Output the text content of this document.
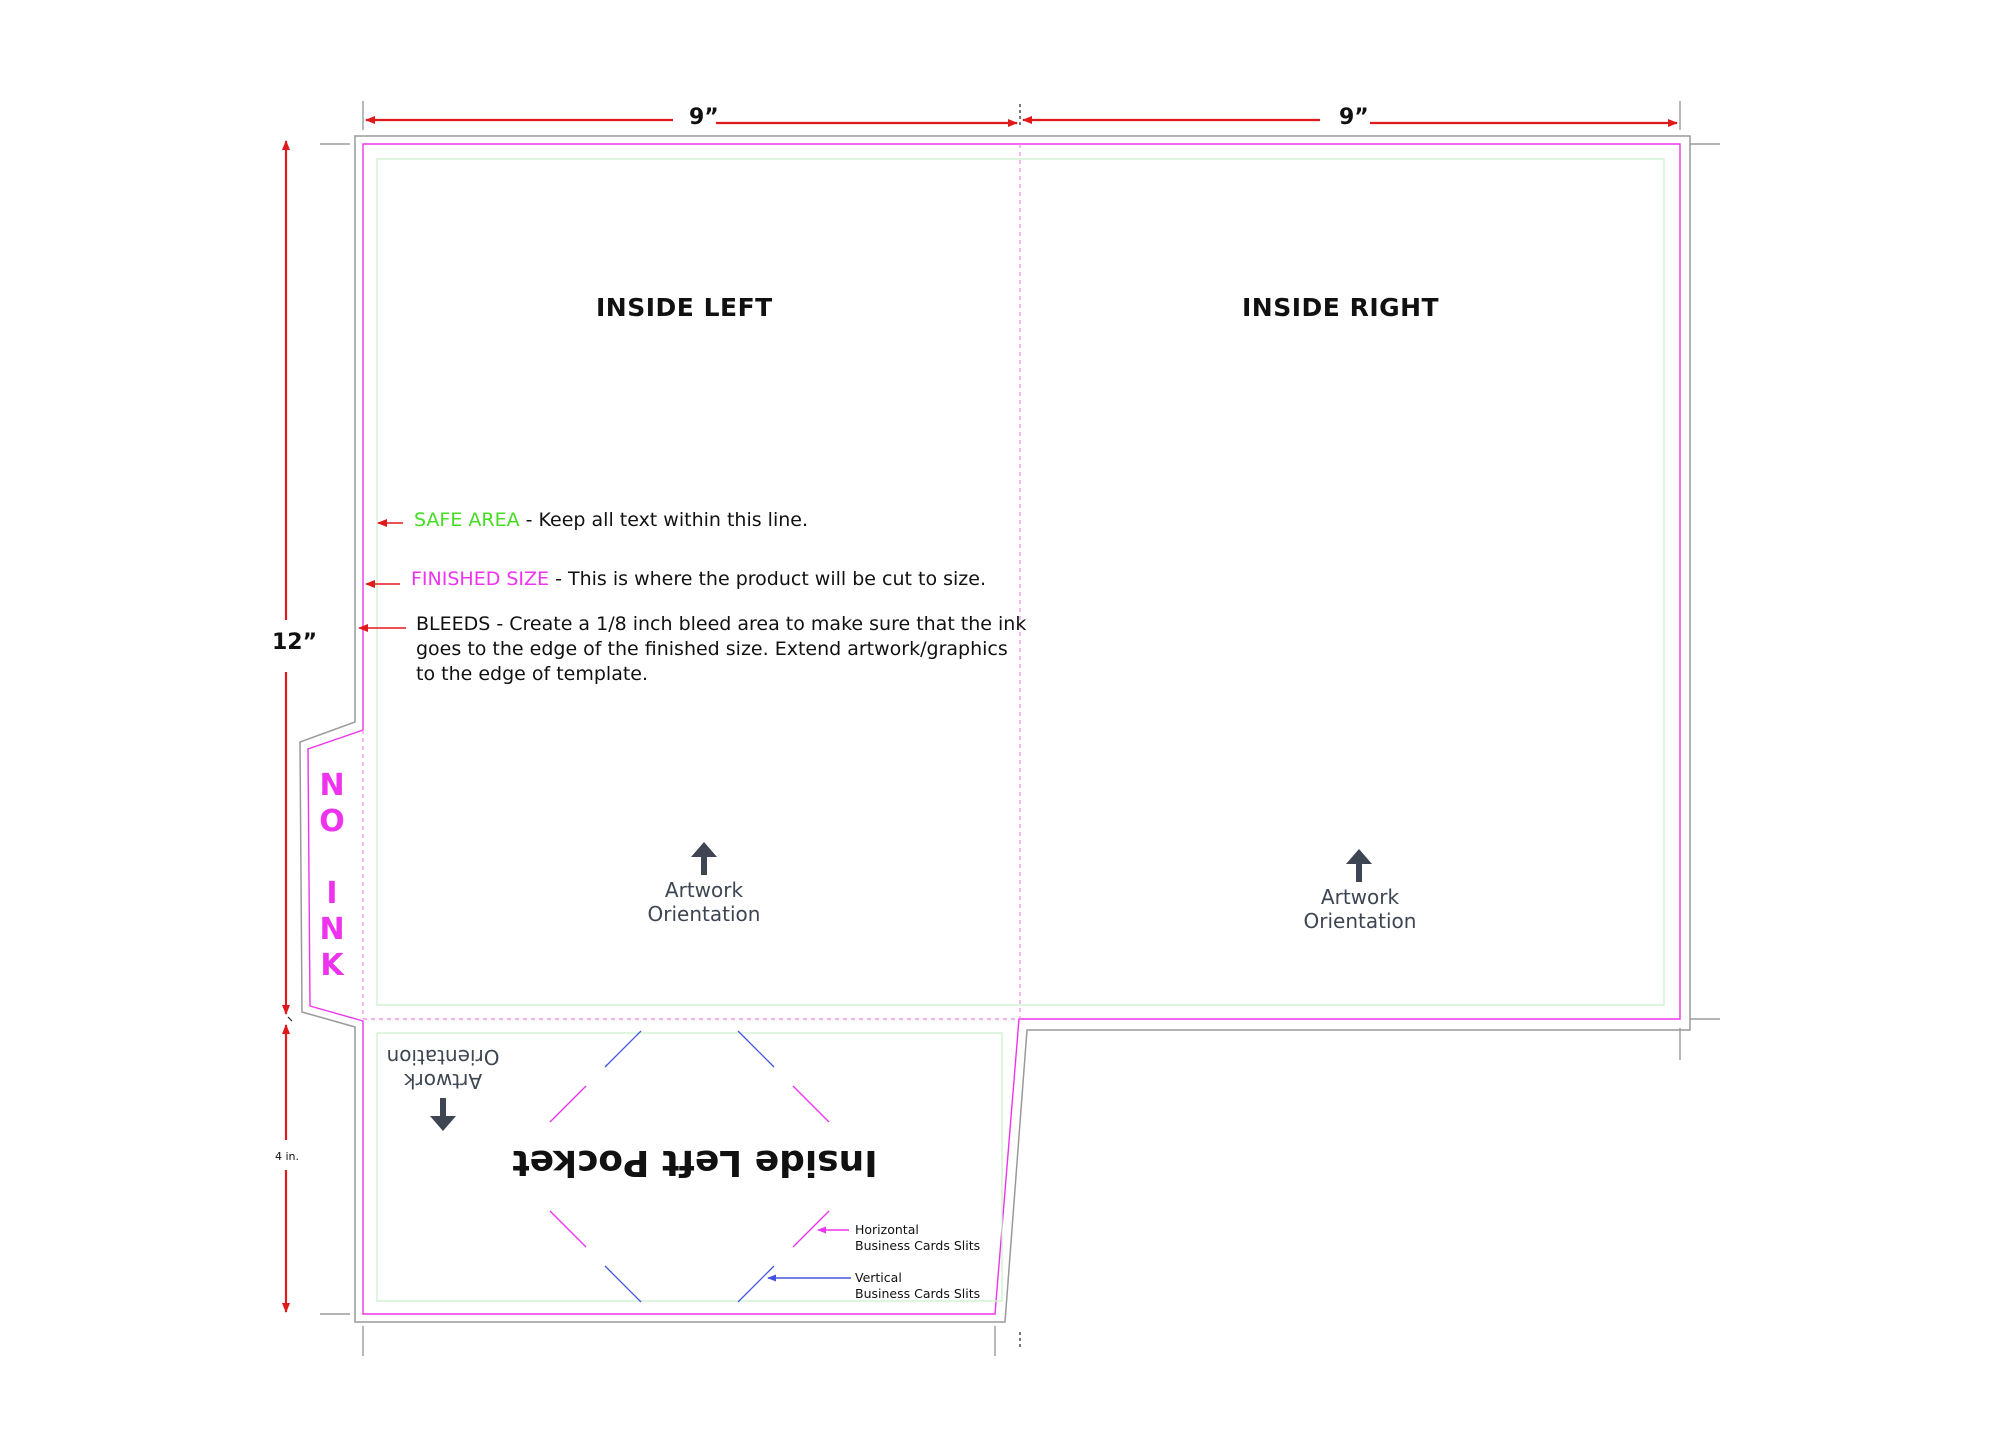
INSIDE LEFT	INSIDE RIGHT
9”	9”
12”
4 in.
SAFE AREA - Keep all text within this line.
FINISHED SIZE - This is where the product will be cut to size.
BLEEDS - Create a 1/8 inch bleed area to make sure that the ink
goes to the edge of the finished size. Extend artwork/graphics
to the edge of template.
Artwork
Orientation
Artwork
Orientation
Artwork
Orientation
Inside Left Pocket
N
O
I
N
K
Horizontal
Business Cards Slits
Vertical
Business Cards Slits
